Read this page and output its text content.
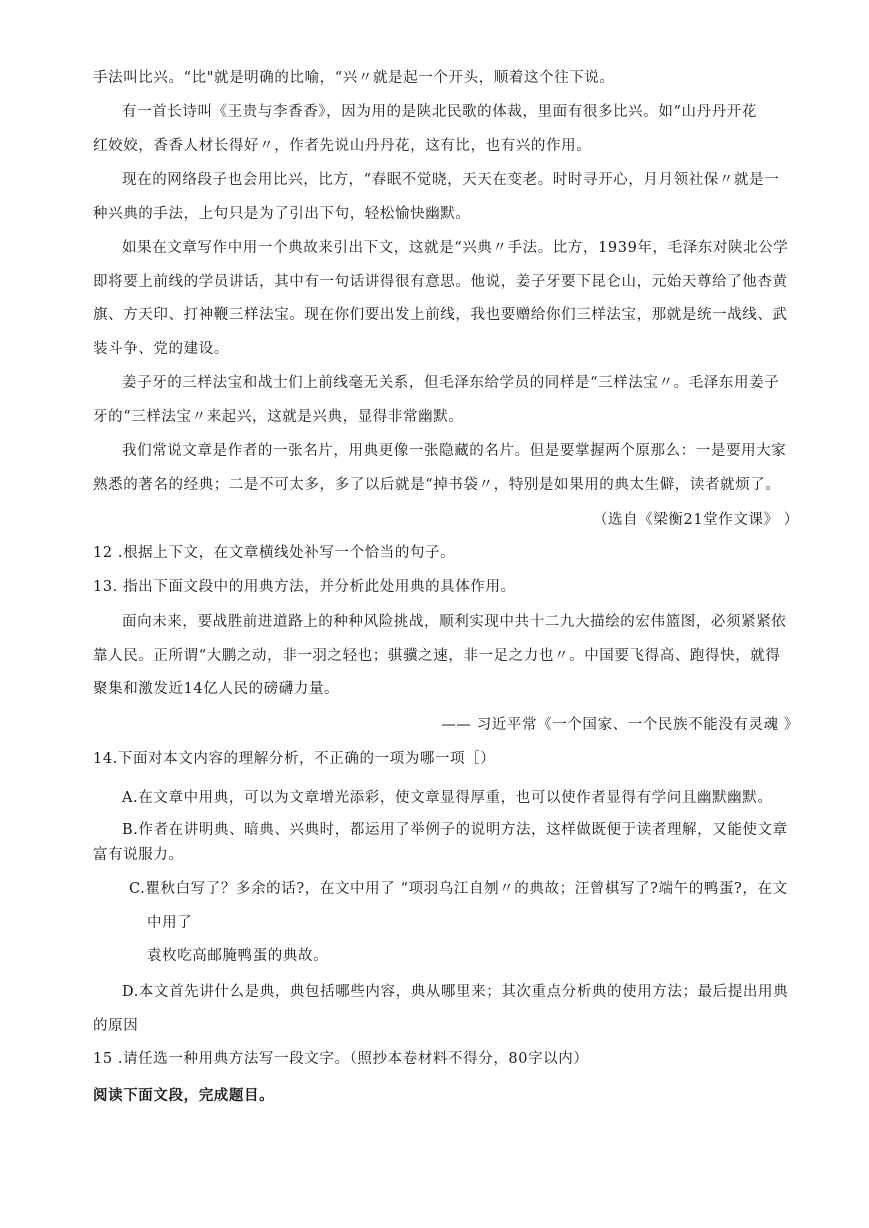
手法叫比兴。“比"就是明确的比喻，“兴〃就是起一个开头，顺着这个往下说。

有一首长诗叫《王贵与李香香》，因为用的是陕北民歌的体裁，里面有很多比兴。如“山丹丹开花
红姣姣，香香人材长得好〃，作者先说山丹丹花，这有比，也有兴的作用。

现在的网络段子也会用比兴，比方，“春眠不觉晓，天天在变老。时时寻开心，月月领社保〃就是一
种兴典的手法，上句只是为了引出下句，轻松愉快幽默。

如果在文章写作中用一个典故来引出下文，这就是“兴典〃手法。比方，1939年，毛泽东对陕北公学
即将要上前线的学员讲话，其中有一句话讲得很有意思。他说，姜子牙要下昆仑山，元始天尊给了他杏黄
旗、方天印、打神鞭三样法宝。现在你们要出发上前线，我也要赠给你们三样法宝，那就是统一战线、武
装斗争、党的建设。

姜子牙的三样法宝和战士们上前线毫无关系，但毛泽东给学员的同样是“三样法宝〃。毛泽东用姜子
牙的“三样法宝〃来起兴，这就是兴典，显得非常幽默。

我们常说文章是作者的一张名片，用典更像一张隐藏的名片。但是要掌握两个原那么：一是要用大家
熟悉的著名的经典；二是不可太多，多了以后就是“掉书袋〃，特别是如果用的典太生僻，读者就烦了。

（选自《梁衡21堂作文课》 ）

12 .根据上下文，在文章横线处补写一个恰当的句子。

13. 指出下面文段中的用典方法，并分析此处用典的具体作用。

面向未来，要战胜前进道路上的种种风险挑战，顺利实现中共十二九大描绘的宏伟篮图，必须紧紧依
靠人民。正所谓“大鹏之动，非一羽之轻也；骐骥之速，非一足之力也〃。中国要飞得高、跑得快，就得
聚集和激发近14亿人民的磅礴力量。

—— 习近平常《一个国家、一个民族不能没有灵魂 》

14.下面对本文内容的理解分析，不正确的一项为哪一项［）

A.在文章中用典，可以为文章增光添彩，使文章显得厚重，也可以使作者显得有学问且幽默幽默。

B.作者在讲明典、暗典、兴典时，都运用了举例子的说明方法，这样做既便于读者理解，又能使文章
富有说服力。

C.瞿秋白写了？多余的话?，在文中用了 “项羽乌江自刎〃的典故；汪曾棋写了?端午的鸭蛋?，在文
中用了
袁枚吃高邮腌鸭蛋的典故。

D.本文首先讲什么是典，典包括哪些内容，典从哪里来；其次重点分析典的使用方法；最后提出用典
的原因

15 .请任选一种用典方法写一段文字。（照抄本卷材料不得分，80字以内）

阅读下面文段，完成题目。
